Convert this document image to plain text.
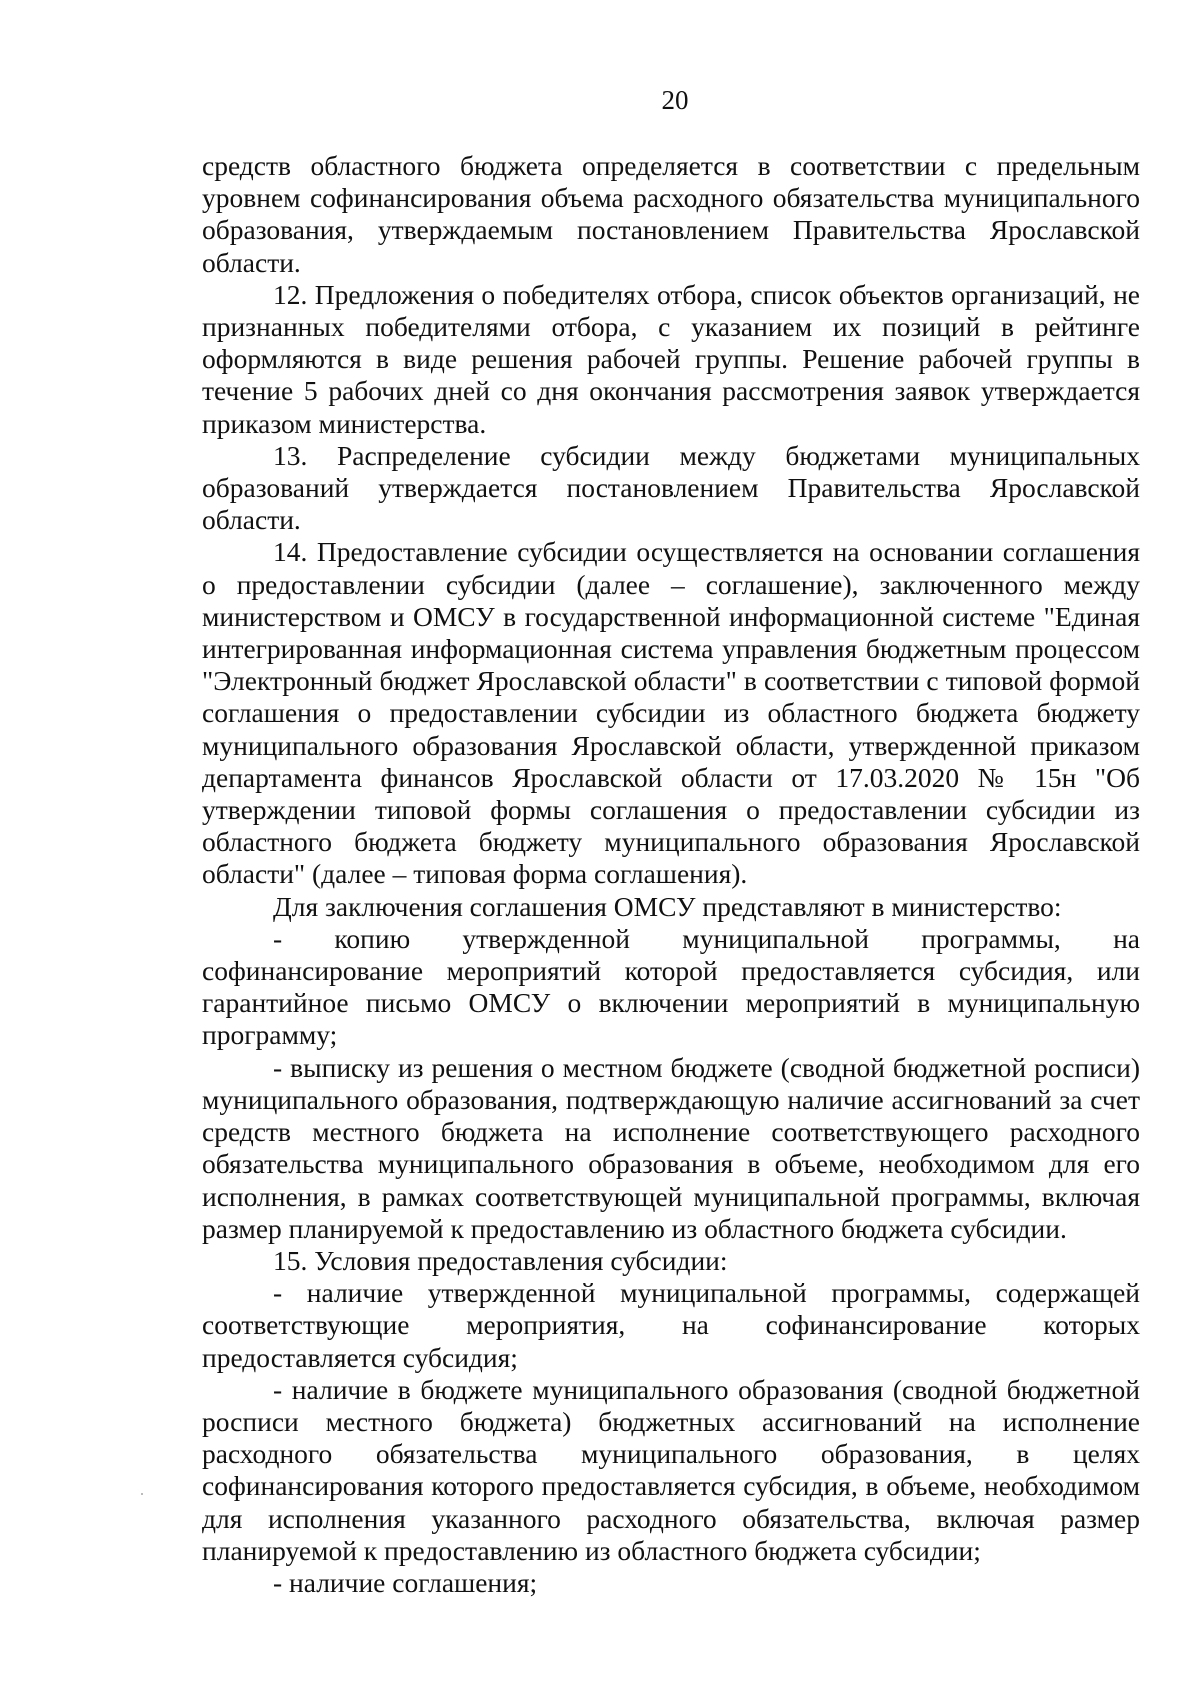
20

средств областного бюджета определяется в соответствии с предельным уровнем софинансирования объема расходного обязательства муниципального образования, утверждаемым постановлением Правительства Ярославской области.

12. Предложения о победителях отбора, список объектов организаций, не признанных победителями отбора, с указанием их позиций в рейтинге оформляются в виде решения рабочей группы. Решение рабочей группы в течение 5 рабочих дней со дня окончания рассмотрения заявок утверждается приказом министерства.

13. Распределение субсидии между бюджетами муниципальных образований утверждается постановлением Правительства Ярославской области.

14. Предоставление субсидии осуществляется на основании соглашения о предоставлении субсидии (далее – соглашение), заключенного между министерством и ОМСУ в государственной информационной системе "Единая интегрированная информационная система управления бюджетным процессом "Электронный бюджет Ярославской области" в соответствии с типовой формой соглашения о предоставлении субсидии из областного бюджета бюджету муниципального образования Ярославской области, утвержденной приказом департамента финансов Ярославской области от 17.03.2020 № 15н "Об утверждении типовой формы соглашения о предоставлении субсидии из областного бюджета бюджету муниципального образования Ярославской области" (далее – типовая форма соглашения).

Для заключения соглашения ОМСУ представляют в министерство:

- копию утвержденной муниципальной программы, на софинансирование мероприятий которой предоставляется субсидия, или гарантийное письмо ОМСУ о включении мероприятий в муниципальную программу;

- выписку из решения о местном бюджете (сводной бюджетной росписи) муниципального образования, подтверждающую наличие ассигнований за счет средств местного бюджета на исполнение соответствующего расходного обязательства муниципального образования в объеме, необходимом для его исполнения, в рамках соответствующей муниципальной программы, включая размер планируемой к предоставлению из областного бюджета субсидии.

15. Условия предоставления субсидии:

- наличие утвержденной муниципальной программы, содержащей соответствующие мероприятия, на софинансирование которых предоставляется субсидия;

- наличие в бюджете муниципального образования (сводной бюджетной росписи местного бюджета) бюджетных ассигнований на исполнение расходного обязательства муниципального образования, в целях софинансирования которого предоставляется субсидия, в объеме, необходимом для исполнения указанного расходного обязательства, включая размер планируемой к предоставлению из областного бюджета субсидии;

- наличие соглашения;
